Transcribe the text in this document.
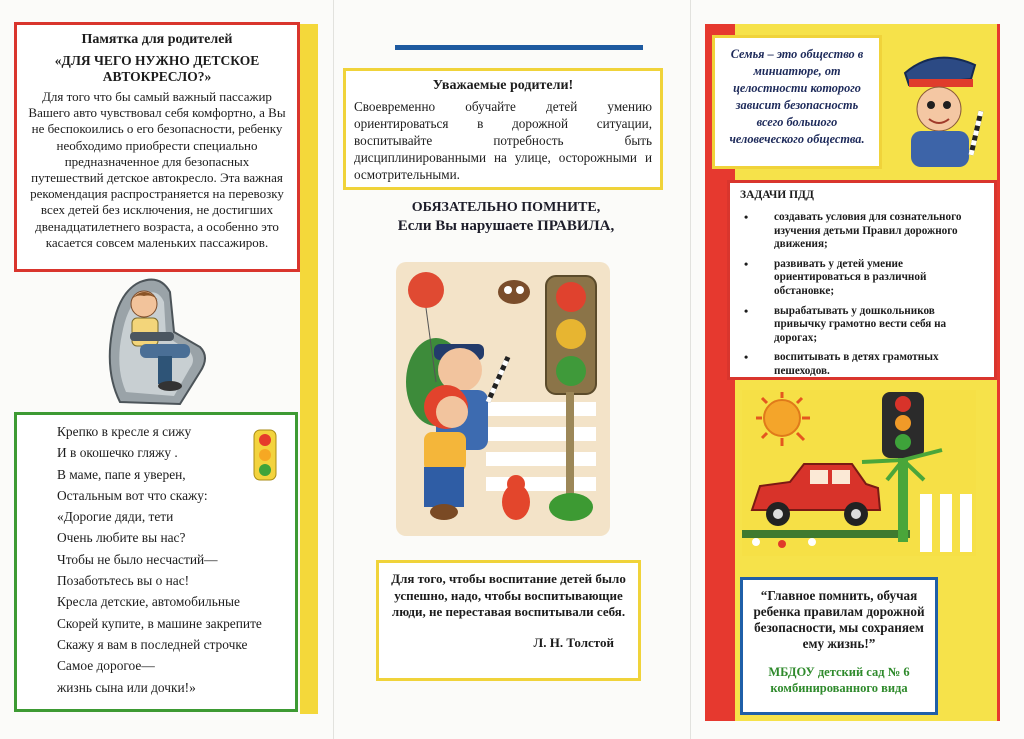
Памятка для родителей
«ДЛЯ ЧЕГО НУЖНО ДЕТСКОЕ АВТОКРЕСЛО?»

Для того что бы самый важный пассажир Вашего авто чувствовал себя комфортно, а Вы не беспокоились о его безопасности, ребенку необходимо приобрести специально предназначенное для безопасных путешествий детское автокресло. Эта важная рекомендация распространяется на перевозку всех детей без исключения, не достигших двенадцатилетнего возраста, а особенно это касается совсем маленьких пассажиров.

Крепко в кресле я сижу
И в окошечко гляжу .
В маме, папе я уверен,
Остальным вот что скажу:
«Дорогие дяди, тети
Очень любите вы нас?
Чтобы не было несчастий—
Позаботьтесь вы о нас!
Кресла детские, автомобильные
Скорей купите, в машине закрепите
Скажу я вам в последней строчке
Самое дорогое—
жизнь сына или дочки!»
Уважаемые родители!

Своевременно обучайте детей умению ориентироваться в дорожной ситуации, воспитывайте потребность быть дисциплинированными на улице, осторожными и осмотрительными.

ОБЯЗАТЕЛЬНО ПОМНИТЕ,
Если Вы нарушаете ПРАВИЛА,

Для того, чтобы воспитание детей было успешно, надо, чтобы воспитывающие люди, не переставая воспитывали себя.

Л. Н. Толстой

Семья – это общество в миниатюре, от целостности которого зависит безопасность всего большого человеческого общества.

ЗАДАЧИ ПДД
• создавать условия для сознательного изучения детьми Правил дорожного движения;
• развивать у детей умение ориентироваться в различной обстановке;
• вырабатывать у дошкольников привычку грамотно вести себя на дорогах;
• воспитывать в детях грамотных пешеходов.

“Главное помнить, обучая ребенка правилам дорожной безопасности, мы сохраняем ему жизнь!”

МБДОУ детский сад № 6

комбинированного вида
